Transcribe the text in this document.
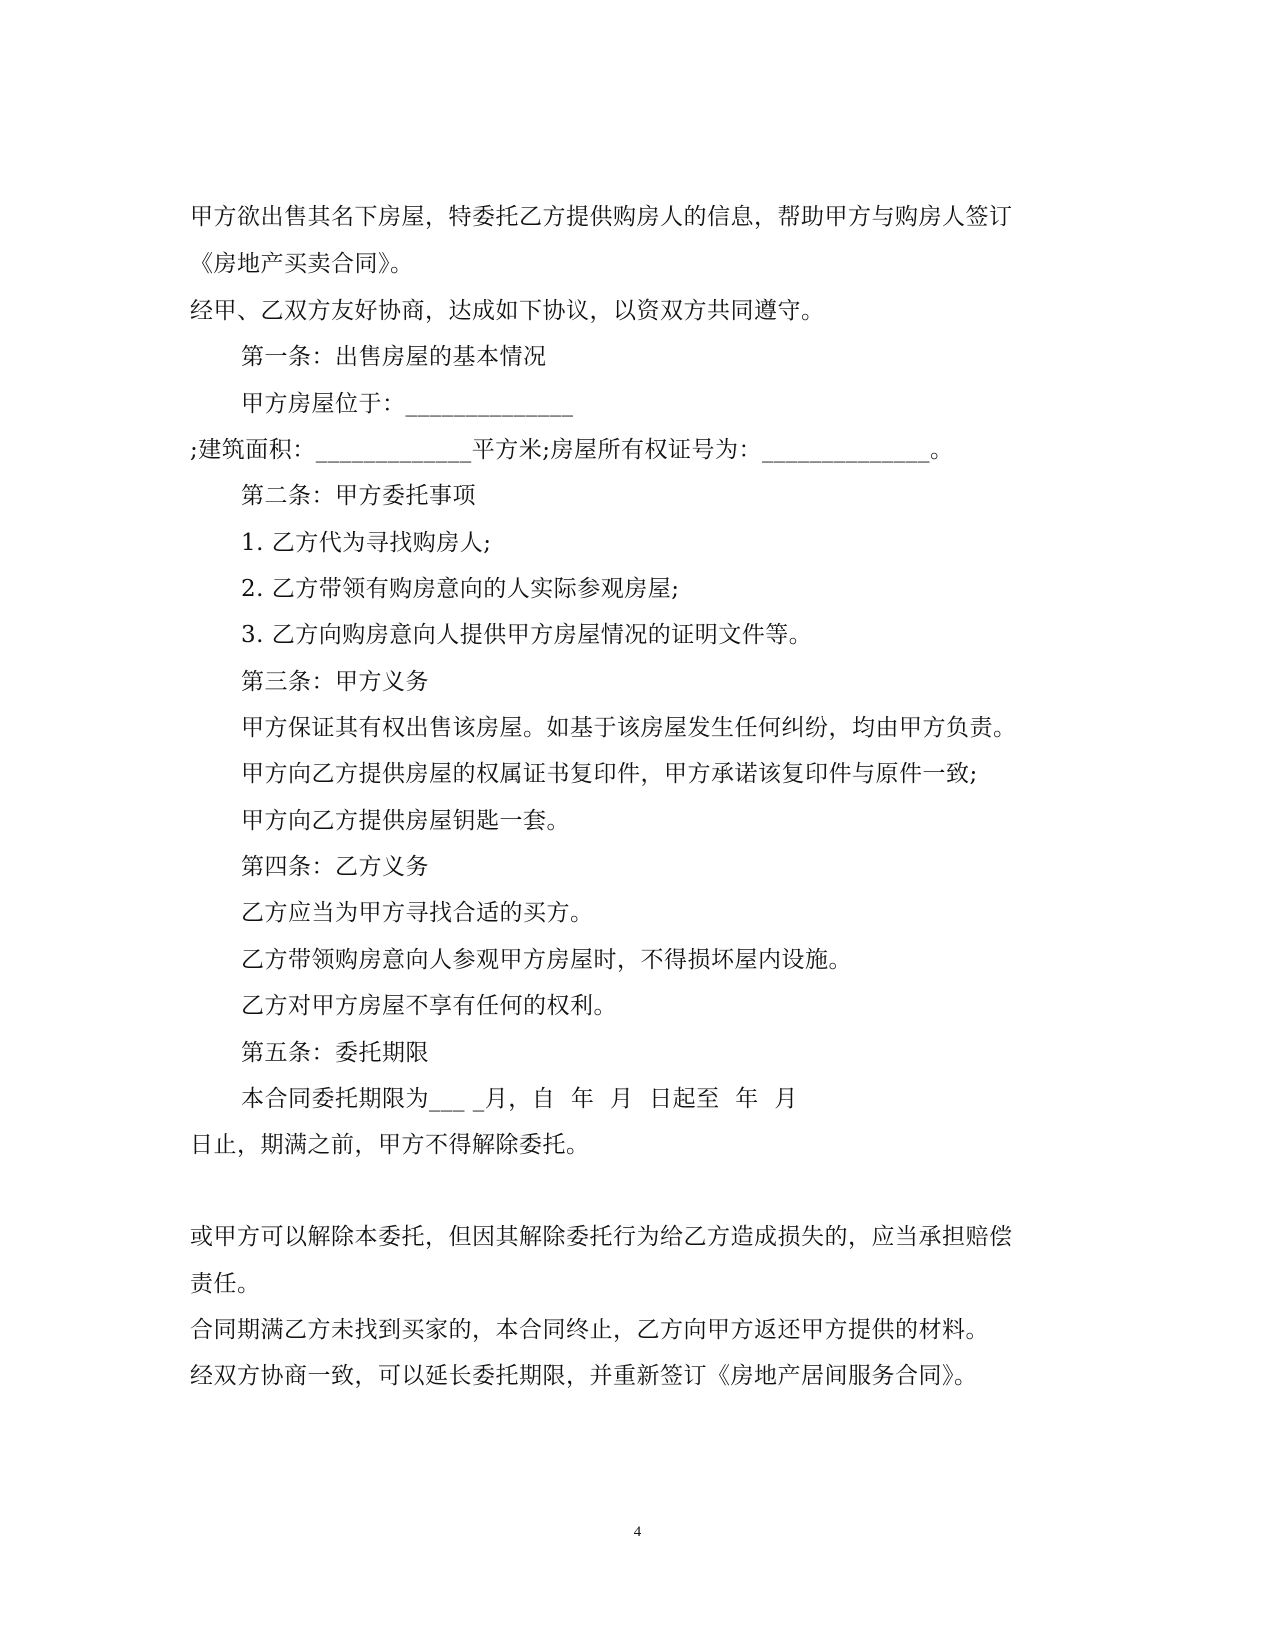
甲方欲出售其名下房屋，特委托乙方提供购房人的信息，帮助甲方与购房人签订
《房地产买卖合同》。
经甲、乙双方友好协商，达成如下协议，以资双方共同遵守。
第一条：出售房屋的基本情况
甲方房屋位于：______________
;建筑面积：_____________平方米;房屋所有权证号为：______________。
第二条：甲方委托事项
1. 乙方代为寻找购房人;
2. 乙方带领有购房意向的人实际参观房屋;
3. 乙方向购房意向人提供甲方房屋情况的证明文件等。
第三条：甲方义务
甲方保证其有权出售该房屋。如基于该房屋发生任何纠纷，均由甲方负责。
甲方向乙方提供房屋的权属证书复印件，甲方承诺该复印件与原件一致;
甲方向乙方提供房屋钥匙一套。
第四条：乙方义务
乙方应当为甲方寻找合适的买方。
乙方带领购房意向人参观甲方房屋时，不得损坏屋内设施。
乙方对甲方房屋不享有任何的权利。
第五条：委托期限
本合同委托期限为___ _月，自  年  月  日起至  年  月
日止，期满之前，甲方不得解除委托。
或甲方可以解除本委托，但因其解除委托行为给乙方造成损失的，应当承担赔偿
责任。
合同期满乙方未找到买家的，本合同终止，乙方向甲方返还甲方提供的材料。
经双方协商一致，可以延长委托期限，并重新签订《房地产居间服务合同》。
4
